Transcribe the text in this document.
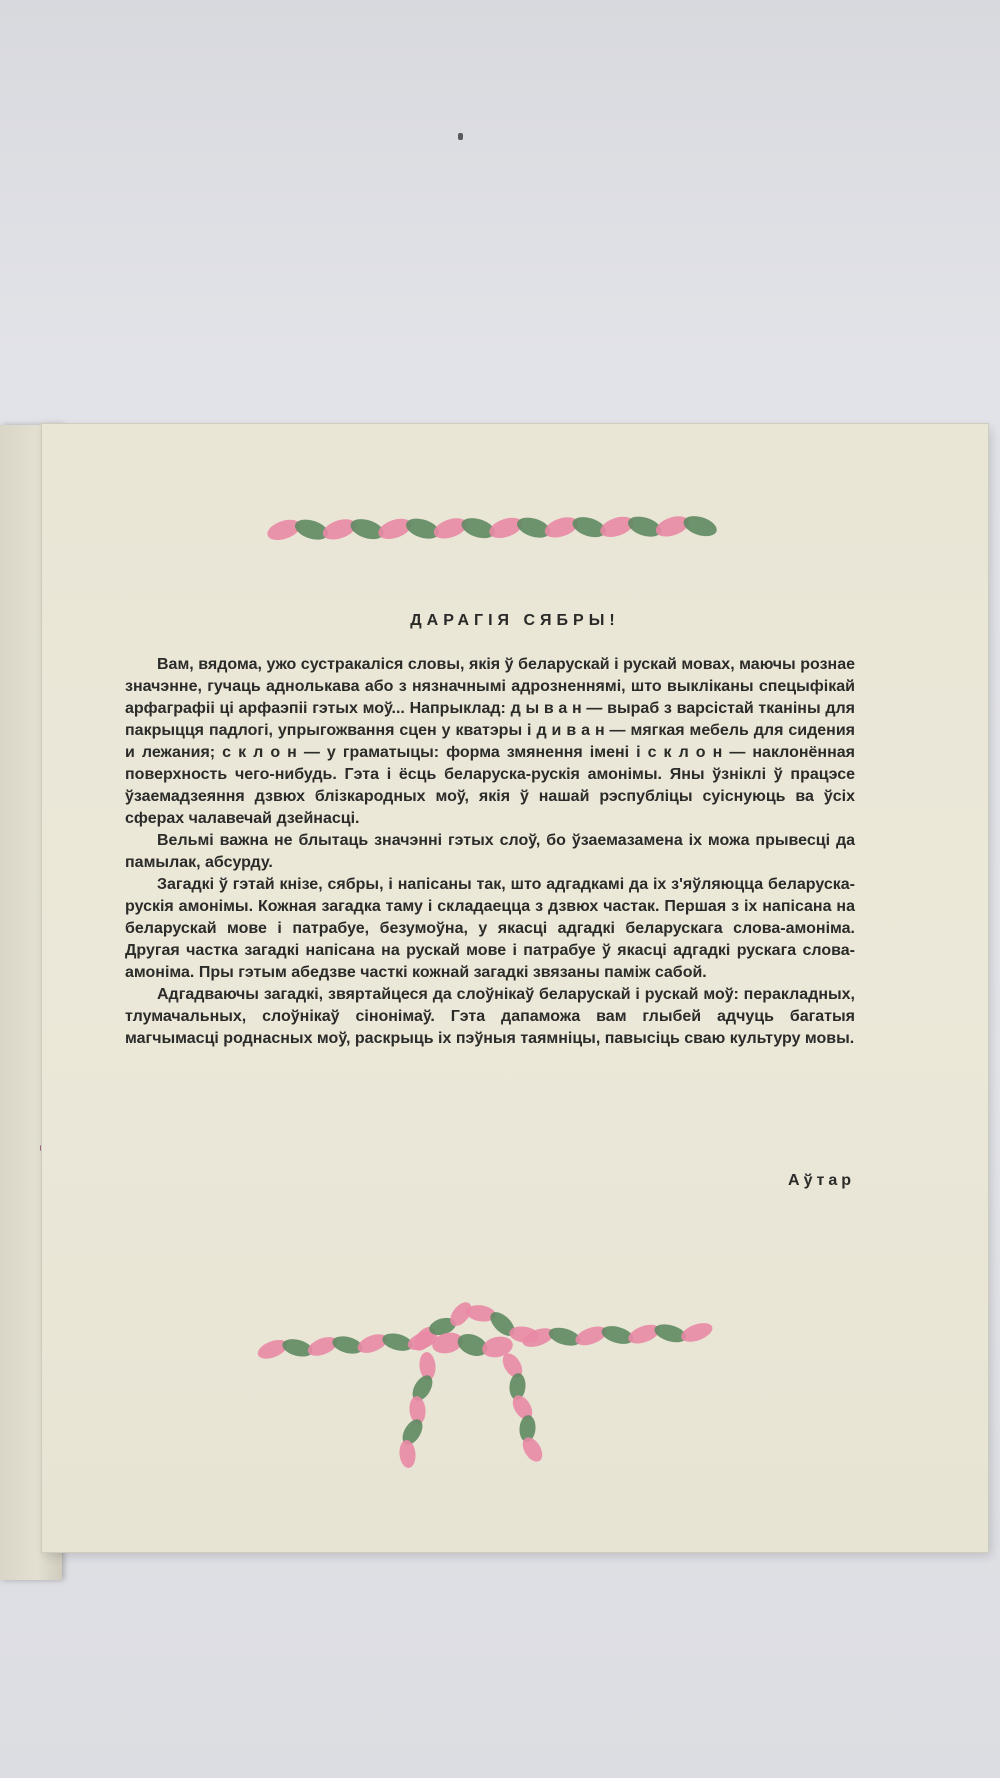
ДАРАГІЯ СЯБРЫ!

Вам, вядома, ужо сустракаліся словы, якія ў беларускай і рускай мовах, маючы рознае значэнне, гучаць аднолькава або з нязначнымі адрозненнямі, што выкліканы спецыфікай арфаграфіі ці арфаэпіі гэтых моў... Напрыклад: д ы в а н — выраб з варсістай тканіны для пакрыцця падлогі, упрыгожвання сцен у кватэры і д и в а н — мягкая мебель для сидения и лежания; с к л о н — у граматыцы: форма змянення імені і с к л о н — наклонённая поверхность чего-нибудь. Гэта і ёсць беларуска-рускія амонімы. Яны ўзніклі ў працэсе ўзаемадзеяння дзвюх блізкародных моў, якія ў нашай рэспубліцы суіснуюць ва ўсіх сферах чалавечай дзейнасці.

Вельмі важна не блытаць значэнні гэтых слоў, бо ўзаемазамена іх можа прывесці да памылак, абсурду.

Загадкі ў гэтай кнізе, сябры, і напісаны так, што адгадкамі да іх з'яўляюцца беларуска-рускія амонімы. Кожная загадка таму і складаецца з дзвюх частак. Першая з іх напісана на беларускай мове і патрабуе, безумоўна, у якасці адгадкі беларускага слова-амоніма. Другая частка загадкі напісана на рускай мове і патрабуе ў якасці адгадкі рускага слова-амоніма. Пры гэтым абедзве часткі кожнай загадкі звязаны паміж сабой.

Адгадваючы загадкі, звяртайцеся да слоўнікаў беларускай і рускай моў: перакладных, тлумачальных, слоўнікаў сінонімаў. Гэта дапаможа вам глыбей адчуць багатыя магчымасці роднасных моў, раскрыць іх пэўныя таямніцы, павысіць сваю культуру мовы.

Аўтар
